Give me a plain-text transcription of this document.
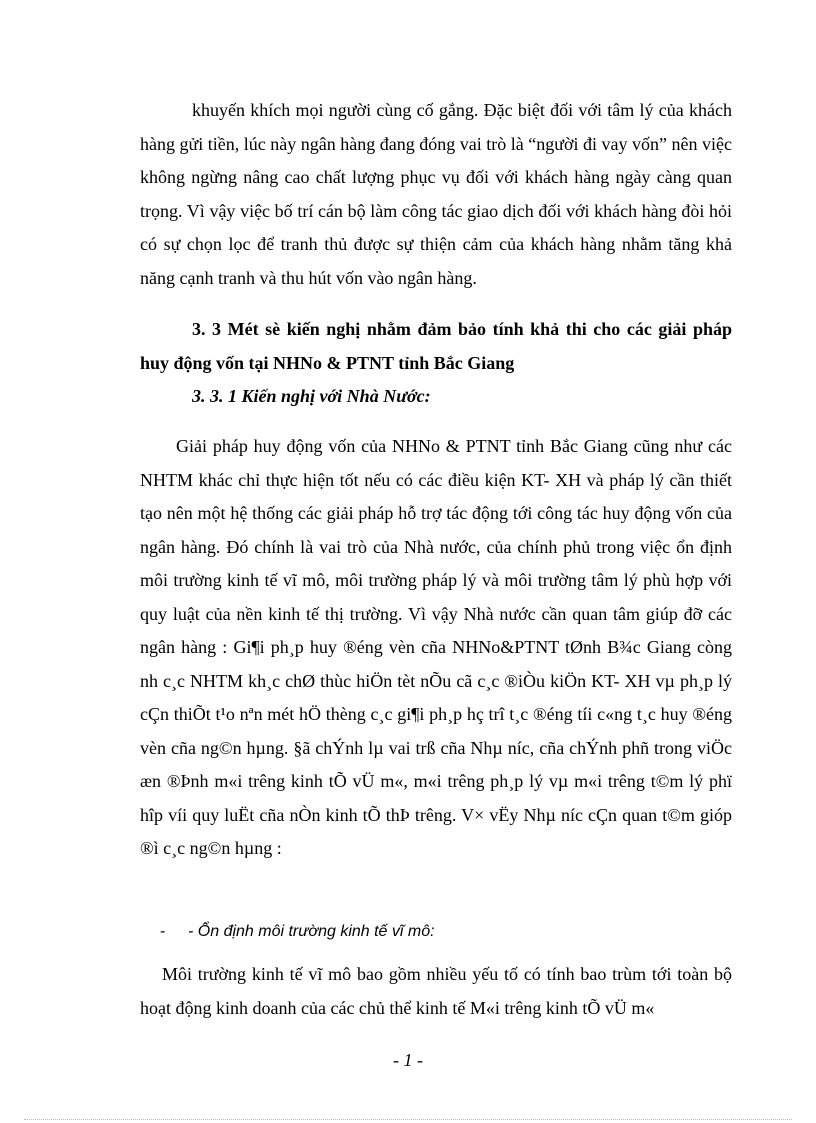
khuyến khích mọi người cùng cố gắng. Đặc biệt đối với tâm lý của khách hàng gửi tiền, lúc này ngân hàng đang đóng vai trò là “người đi vay vốn” nên việc không ngừng nâng cao chất lượng phục vụ đối với khách hàng ngày càng quan trọng. Vì vậy việc bố trí cán bộ làm công tác giao dịch đối với khách hàng đòi hỏi có sự chọn lọc để tranh thủ được sự thiện cảm của khách hàng nhằm tăng khả năng cạnh tranh và thu hút vốn vào ngân hàng.

3. 3 Mét sè kiến nghị nhằm đảm bảo tính khả thi cho các giải pháp huy động vốn tại NHNo & PTNT tỉnh Bắc Giang

3. 3. 1 Kiến nghị với Nhà Nước:

Giải pháp huy động vốn của NHNo & PTNT tỉnh Bắc Giang cũng như các NHTM khác chỉ thực hiện tốt nếu có các điều kiện KT- XH và pháp lý cần thiết tạo nên một hệ thống các giải pháp hỗ trợ tác động tới công tác huy động vốn của ngân hàng. Đó chính là vai trò của Nhà nước, của chính phủ trong việc ổn định môi trường kinh tế vĩ mô, môi trường pháp lý và môi trường tâm lý phù hợp với quy luật của nền kinh tế thị trường. Vì vậy Nhà nước cần quan tâm giúp đỡ các ngân hàng : Gi¶i ph¸p huy ®éng vèn cña NHNo&PTNT tØnh B¾c Giang còng nh c¸c NHTM kh¸c chØ thùc hiÖn tèt nÕu cã c¸c ®iÒu kiÖn KT- XH vµ ph¸p lý cÇn thiÕt t¹o nªn mét hÖ thèng c¸c gi¶i ph¸p hç trî t¸c ®éng tíi c«ng t¸c huy ®éng vèn cña ng©n hµng. §ã chÝnh lµ vai trß cña Nhµ níc, cña chÝnh phñ trong viÖc æn ®Þnh m«i trêng kinh tÕ vÜ m«, m«i trêng ph¸p lý vµ m«i trêng t©m lý phï hîp víi quy luËt cña nÒn kinh tÕ thÞ trêng. V× vËy Nhµ níc cÇn quan t©m gióp ®ì c¸c ng©n hµng :

- - Ổn định môi trường kinh tế vĩ mô:

Môi trường kinh tế vĩ mô bao gồm nhiều yếu tố có tính bao trùm tới toàn bộ hoạt động kinh doanh của các chủ thể kinh tế M«i trêng kinh tÕ vÜ m«

- 1 -
